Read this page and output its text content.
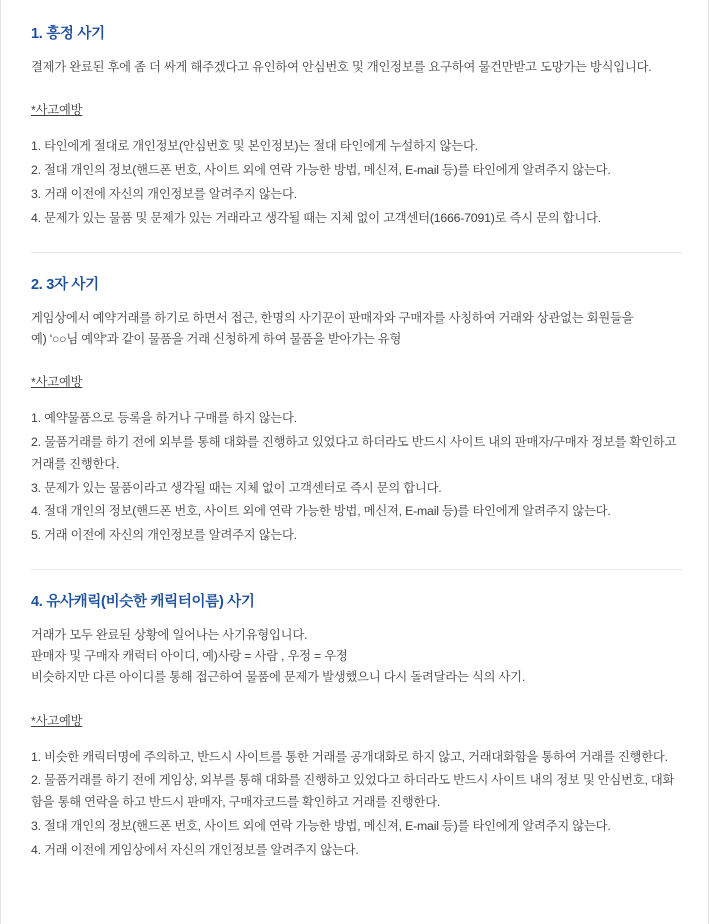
1. 흥정 사기

결제가 완료된 후에 좀 더 싸게 해주겠다고 유인하여 안심번호 및 개인정보를 요구하여 물건만받고 도망가는 방식입니다.

*사고예방
1. 타인에게 절대로 개인정보(안심번호 및 본인정보)는 절대 타인에게 누설하지 않는다.
2. 절대 개인의 정보(핸드폰 번호, 사이트 외에 연락 가능한 방법, 메신져, E-mail 등)를 타인에게 알려주지 않는다.
3. 거래 이전에 자신의 개인정보를 알려주지 않는다.
4. 문제가 있는 물품 및 문제가 있는 거래라고 생각될 때는 지체 없이 고객센터(1666-7091)로 즉시 문의 합니다.
2. 3자 사기

게임상에서 예약거래를 하기로 하면서 접근, 한명의 사기꾼이 판매자와 구매자를 사칭하여 거래와 상관없는 회원들을

예) '○○님 예약'과 같이 물품을 거래 신청하게 하여 물품을 받아가는 유형

*사고예방
1. 예약물품으로 등록을 하거나 구매를 하지 않는다.
2. 물품거래를 하기 전에 외부를 통해 대화를 진행하고 있었다고 하더라도 반드시 사이트 내의 판매자/구매자 정보를 확인하고 거래를 진행한다.
3. 문제가 있는 물품이라고 생각될 때는 지체 없이 고객센터로 즉시 문의 합니다.
4. 절대 개인의 정보(핸드폰 번호, 사이트 외에 연락 가능한 방법, 메신져, E-mail 등)를 타인에게 알려주지 않는다.
5. 거래 이전에 자신의 개인정보를 알려주지 않는다.
4. 유사캐릭(비슷한 캐릭터이름) 사기

거래가 모두 완료된 상황에 일어나는 사기유형입니다.

판매자 및 구매자 캐럭터 아이디, 예)사랑 = 사람 , 우정 = 우졍

비슷하지만 다른 아이디를 통해 접근하여 물품에 문제가 발생했으니 다시 돌려달라는 식의 사기.

*사고예방
1. 비슷한 캐릭터명에 주의하고, 반드시 사이트를 통한 거래를 공개대화로 하지 않고, 거래대화함을 통하여 거래를 진행한다.
2. 물품거래를 하기 전에 게임상, 외부를 통해 대화를 진행하고 있었다고 하더라도 반드시 사이트 내의 정보 및 안심번호, 대화함을 통해 연락을 하고 반드시 판매자, 구매자코드를 확인하고 거래를 진행한다.
3. 절대 개인의 정보(핸드폰 번호, 사이트 외에 연락 가능한 방법, 메신져, E-mail 등)를 타인에게 알려주지 않는다.
4. 거래 이전에 게임상에서 자신의 개인정보를 알려주지 않는다.
